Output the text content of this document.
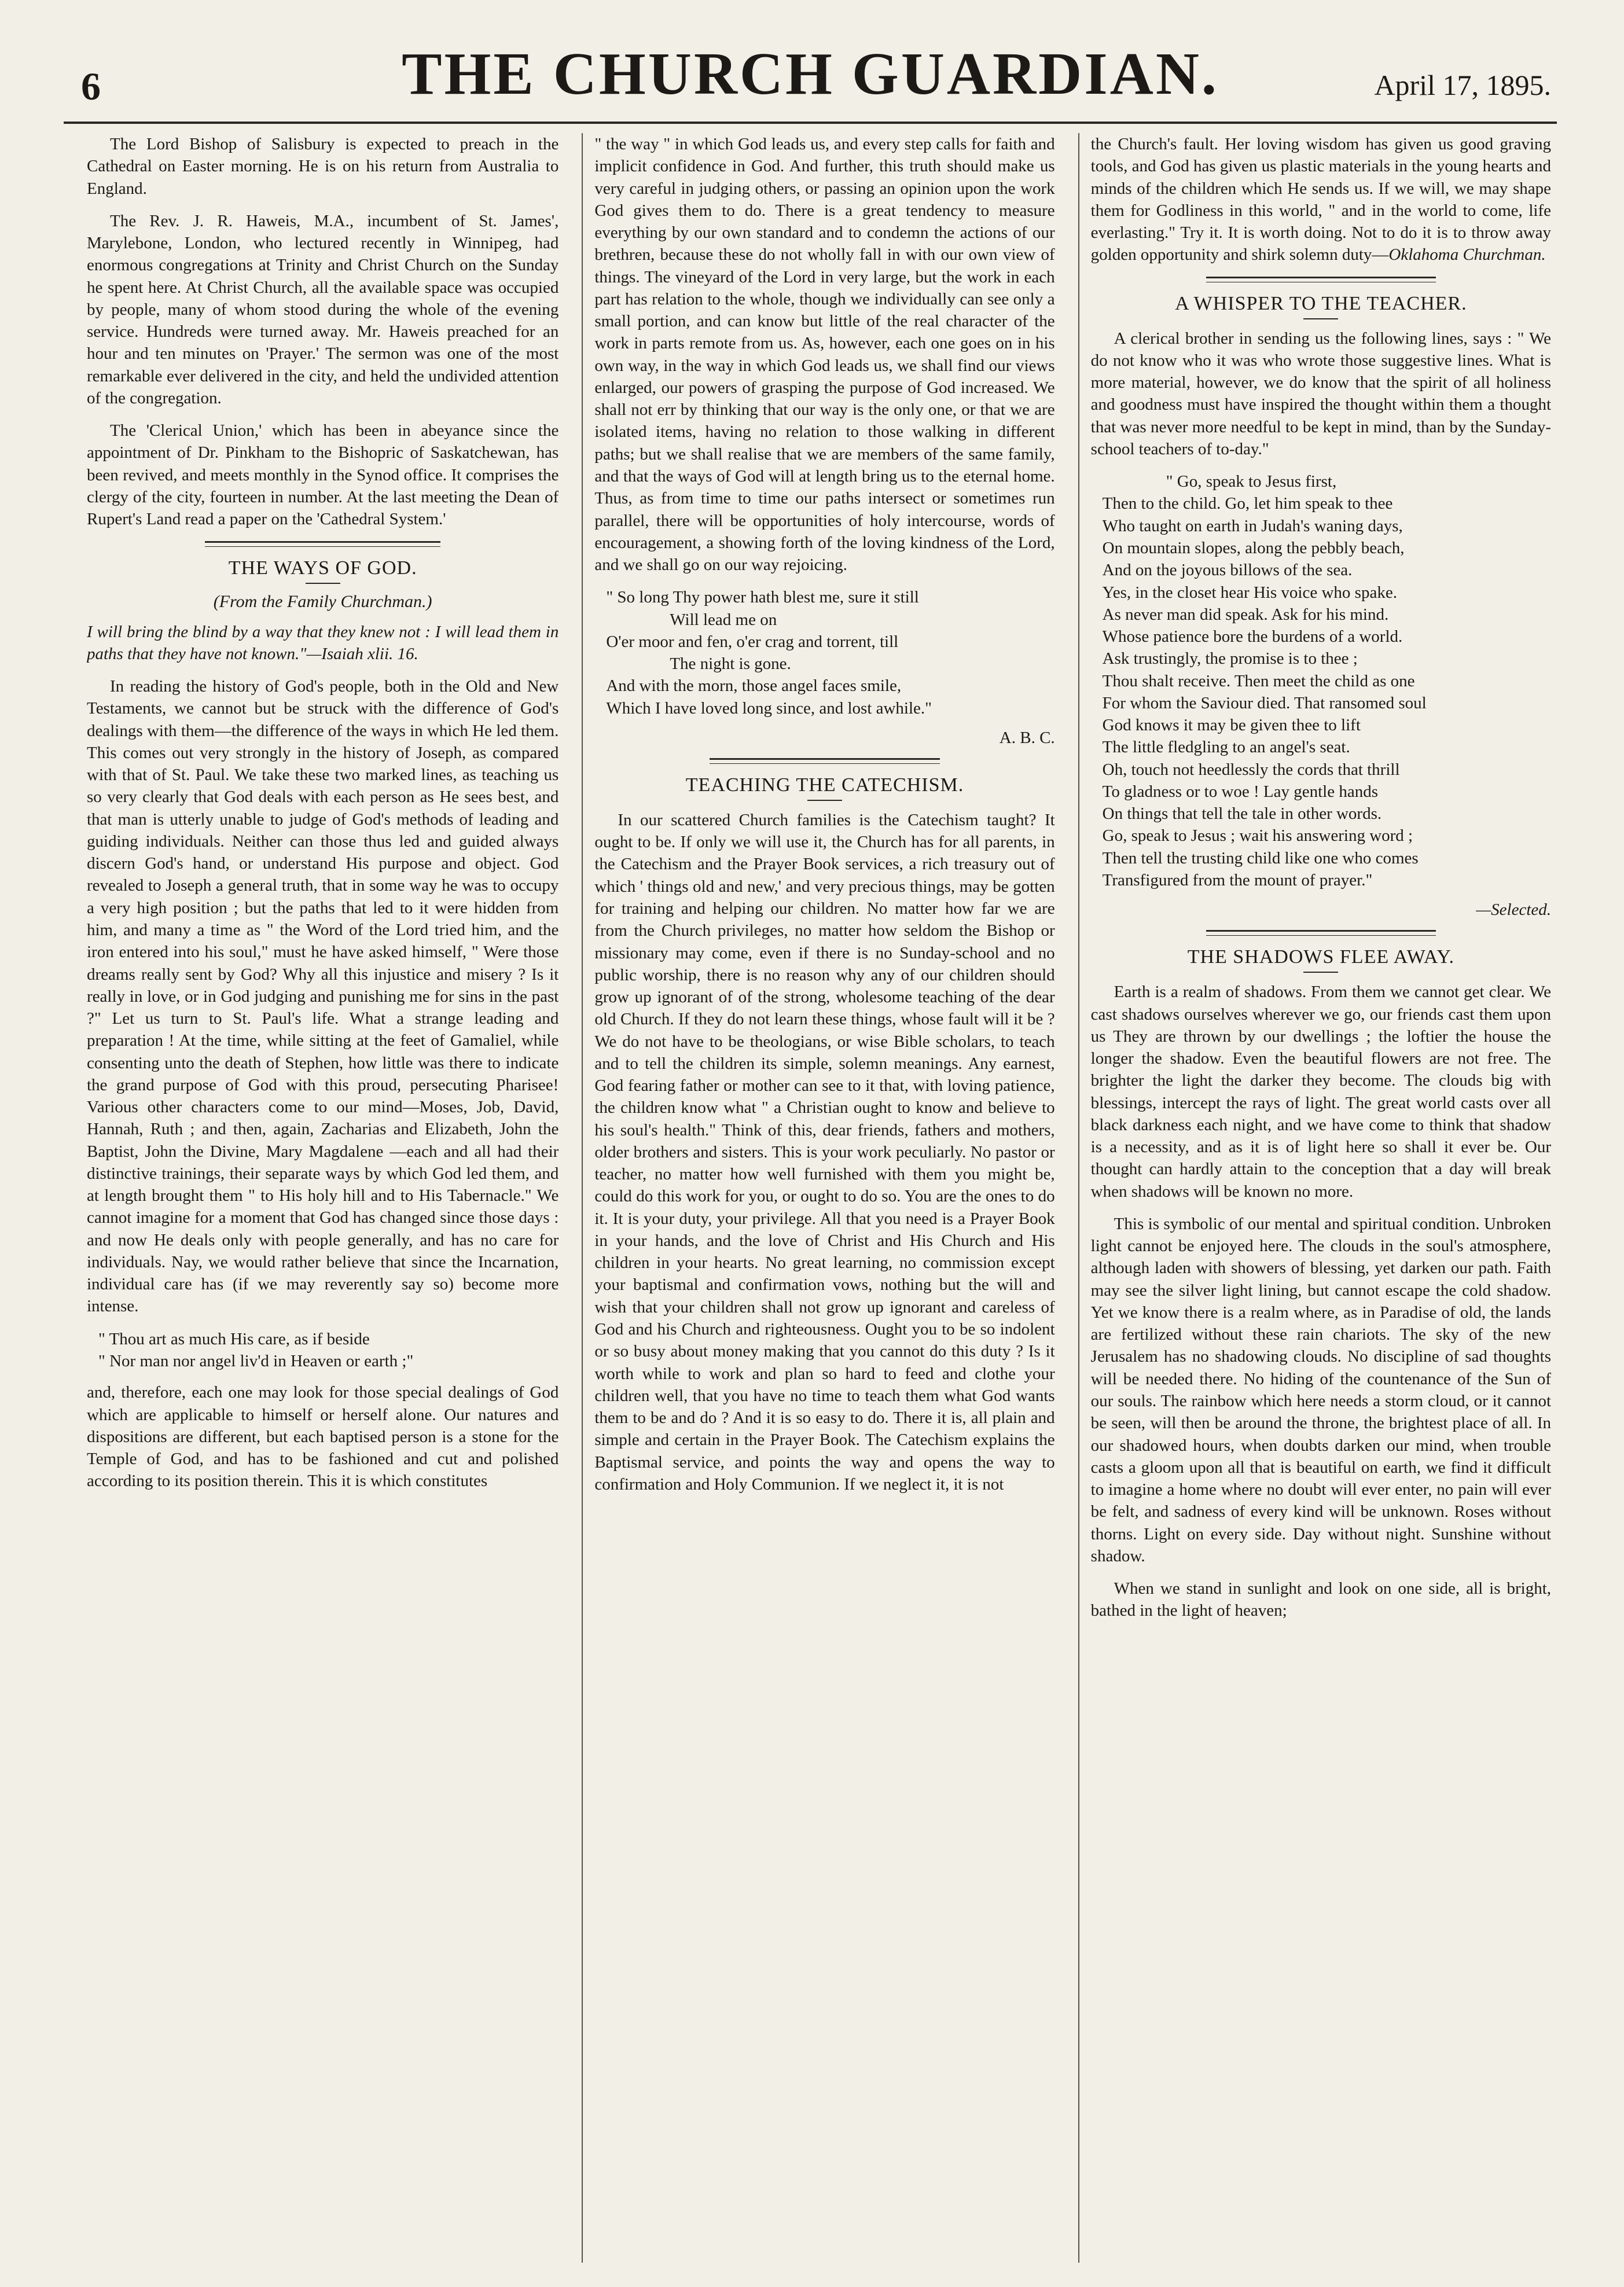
6	THE CHURCH GUARDIAN.	April 17, 1895.

The Lord Bishop of Salisbury is expected to preach in the Cathedral on Easter morning. He is on his return from Australia to England.

The Rev. J. R. Haweis, M.A., incumbent of St. James', Marylebone, London, who lectured recently in Winnipeg, had enormous congregations at Trinity and Christ Church on the Sunday he spent here. At Christ Church, all the available space was occupied by people, many of whom stood during the whole of the evening service. Hundreds were turned away. Mr. Haweis preached for an hour and ten minutes on 'Prayer.' The sermon was one of the most remarkable ever delivered in the city, and held the undivided attention of the congregation.

The 'Clerical Union,' which has been in abeyance since the appointment of Dr. Pinkham to the Bishopric of Saskatchewan, has been revived, and meets monthly in the Synod office. It comprises the clergy of the city, fourteen in number. At the last meeting the Dean of Rupert's Land read a paper on the 'Cathedral System.'

THE WAYS OF GOD.
(From the Family Churchman.)

I will bring the blind by a way that they knew not : I will lead them in paths that they have not known."—Isaiah xlii. 16.

In reading the history of God's people, both in the Old and New Testaments, we cannot but be struck with the difference of God's dealings with them—the difference of the ways in which He led them. This comes out very strongly in the history of Joseph, as compared with that of St. Paul. We take these two marked lines, as teaching us so very clearly that God deals with each person as He sees best, and that man is utterly unable to judge of God's methods of leading and guiding individuals. Neither can those thus led and guided always discern God's hand, or understand His purpose and object. God revealed to Joseph a general truth, that in some way he was to occupy a very high position ; but the paths that led to it were hidden from him, and many a time as " the Word of the Lord tried him, and the iron entered into his soul," must he have asked himself, " Were those dreams really sent by God? Why all this injustice and misery ? Is it really in love, or in God judging and punishing me for sins in the past ?" Let us turn to St. Paul's life. What a strange leading and preparation ! At the time, while sitting at the feet of Gamaliel, while consenting unto the death of Stephen, how little was there to indicate the grand purpose of God with this proud, persecuting Pharisee! Various other characters come to our mind—Moses, Job, David, Hannah, Ruth ; and then, again, Zacharias and Elizabeth, John the Baptist, John the Divine, Mary Magdalene —each and all had their distinctive trainings, their separate ways by which God led them, and at length brought them " to His holy hill and to His Tabernacle." We cannot imagine for a moment that God has changed since those days : and now He deals only with people generally, and has no care for individuals. Nay, we would rather believe that since the Incarnation, individual care has (if we may reverently say so) become more intense.

" Thou art as much His care, as if beside
" Nor man nor angel liv'd in Heaven or earth ;"

and, therefore, each one may look for those special dealings of God which are applicable to himself or herself alone. Our natures and dispositions are different, but each baptised person is a stone for the Temple of God, and has to be fashioned and cut and polished according to its position therein. This it is which constitutes

" the way " in which God leads us, and every step calls for faith and implicit confidence in God. And further, this truth should make us very careful in judging others, or passing an opinion upon the work God gives them to do. There is a great tendency to measure everything by our own standard and to condemn the actions of our brethren, because these do not wholly fall in with our own view of things. The vineyard of the Lord in very large, but the work in each part has relation to the whole, though we individually can see only a small portion, and can know but little of the real character of the work in parts remote from us. As, however, each one goes on in his own way, in the way in which God leads us, we shall find our views enlarged, our powers of grasping the purpose of God increased. We shall not err by thinking that our way is the only one, or that we are isolated items, having no relation to those walking in different paths; but we shall realise that we are members of the same family, and that the ways of God will at length bring us to the eternal home. Thus, as from time to time our paths intersect or sometimes run parallel, there will be opportunities of holy intercourse, words of encouragement, a showing forth of the loving kindness of the Lord, and we shall go on our way rejoicing.

" So long Thy power hath blest me, sure it still
Will lead me on
O'er moor and fen, o'er crag and torrent, till
The night is gone.
And with the morn, those angel faces smile,
Which I have loved long since, and lost awhile."
A. B. C.
TEACHING THE CATECHISM.

In our scattered Church families is the Catechism taught? It ought to be. If only we will use it, the Church has for all parents, in the Catechism and the Prayer Book services, a rich treasury out of which ' things old and new,' and very precious things, may be gotten for training and helping our children. No matter how far we are from the Church privileges, no matter how seldom the Bishop or missionary may come, even if there is no Sunday-school and no public worship, there is no reason why any of our children should grow up ignorant of of the strong, wholesome teaching of the dear old Church. If they do not learn these things, whose fault will it be ? We do not have to be theologians, or wise Bible scholars, to teach and to tell the children its simple, solemn meanings. Any earnest, God fearing father or mother can see to it that, with loving patience, the children know what " a Christian ought to know and believe to his soul's health." Think of this, dear friends, fathers and mothers, older brothers and sisters. This is your work peculiarly. No pastor or teacher, no matter how well furnished with them you might be, could do this work for you, or ought to do so. You are the ones to do it. It is your duty, your privilege. All that you need is a Prayer Book in your hands, and the love of Christ and His Church and His children in your hearts. No great learning, no commission except your baptismal and confirmation vows, nothing but the will and wish that your children shall not grow up ignorant and careless of God and his Church and righteousness. Ought you to be so indolent or so busy about money making that you cannot do this duty ? Is it worth while to work and plan so hard to feed and clothe your children well, that you have no time to teach them what God wants them to be and do ? And it is so easy to do. There it is, all plain and simple and certain in the Prayer Book. The Catechism explains the Baptismal service, and points the way and opens the way to confirmation and Holy Communion. If we neglect it, it is not

the Church's fault. Her loving wisdom has given us good graving tools, and God has given us plastic materials in the young hearts and minds of the children which He sends us. If we will, we may shape them for Godliness in this world, " and in the world to come, life everlasting." Try it. It is worth doing. Not to do it is to throw away golden opportunity and shirk solemn duty—Oklahoma Churchman.

A WHISPER TO THE TEACHER.

A clerical brother in sending us the following lines, says : " We do not know who it was who wrote those suggestive lines. What is more material, however, we do know that the spirit of all holiness and goodness must have inspired the thought within them a thought that was never more needful to be kept in mind, than by the Sunday-school teachers of to-day."

" Go, speak to Jesus first,
Then to the child. Go, let him speak to thee
Who taught on earth in Judah's waning days,
On mountain slopes, along the pebbly beach,
And on the joyous billows of the sea.
Yes, in the closet hear His voice who spake.
As never man did speak. Ask for his mind.
Whose patience bore the burdens of a world.
Ask trustingly, the promise is to thee ;
Thou shalt receive. Then meet the child as one
For whom the Saviour died. That ransomed soul
God knows it may be given thee to lift
The little fledgling to an angel's seat.
Oh, touch not heedlessly the cords that thrill
To gladness or to woe ! Lay gentle hands
On things that tell the tale in other words.
Go, speak to Jesus ; wait his answering word ;
Then tell the trusting child like one who comes
Transfigured from the mount of prayer."
—Selected.
THE SHADOWS FLEE AWAY.

Earth is a realm of shadows. From them we cannot get clear. We cast shadows ourselves wherever we go, our friends cast them upon us They are thrown by our dwellings ; the loftier the house the longer the shadow. Even the beautiful flowers are not free. The brighter the light the darker they become. The clouds big with blessings, intercept the rays of light. The great world casts over all black darkness each night, and we have come to think that shadow is a necessity, and as it is of light here so shall it ever be. Our thought can hardly attain to the conception that a day will break when shadows will be known no more.

This is symbolic of our mental and spiritual condition. Unbroken light cannot be enjoyed here. The clouds in the soul's atmosphere, although laden with showers of blessing, yet darken our path. Faith may see the silver light lining, but cannot escape the cold shadow. Yet we know there is a realm where, as in Paradise of old, the lands are fertilized without these rain chariots. The sky of the new Jerusalem has no shadowing clouds. No discipline of sad thoughts will be needed there. No hiding of the countenance of the Sun of our souls. The rainbow which here needs a storm cloud, or it cannot be seen, will then be around the throne, the brightest place of all. In our shadowed hours, when doubts darken our mind, when trouble casts a gloom upon all that is beautiful on earth, we find it difficult to imagine a home where no doubt will ever enter, no pain will ever be felt, and sadness of every kind will be unknown. Roses without thorns. Light on every side. Day without night. Sunshine without shadow.

When we stand in sunlight and look on one side, all is bright, bathed in the light of heaven;
